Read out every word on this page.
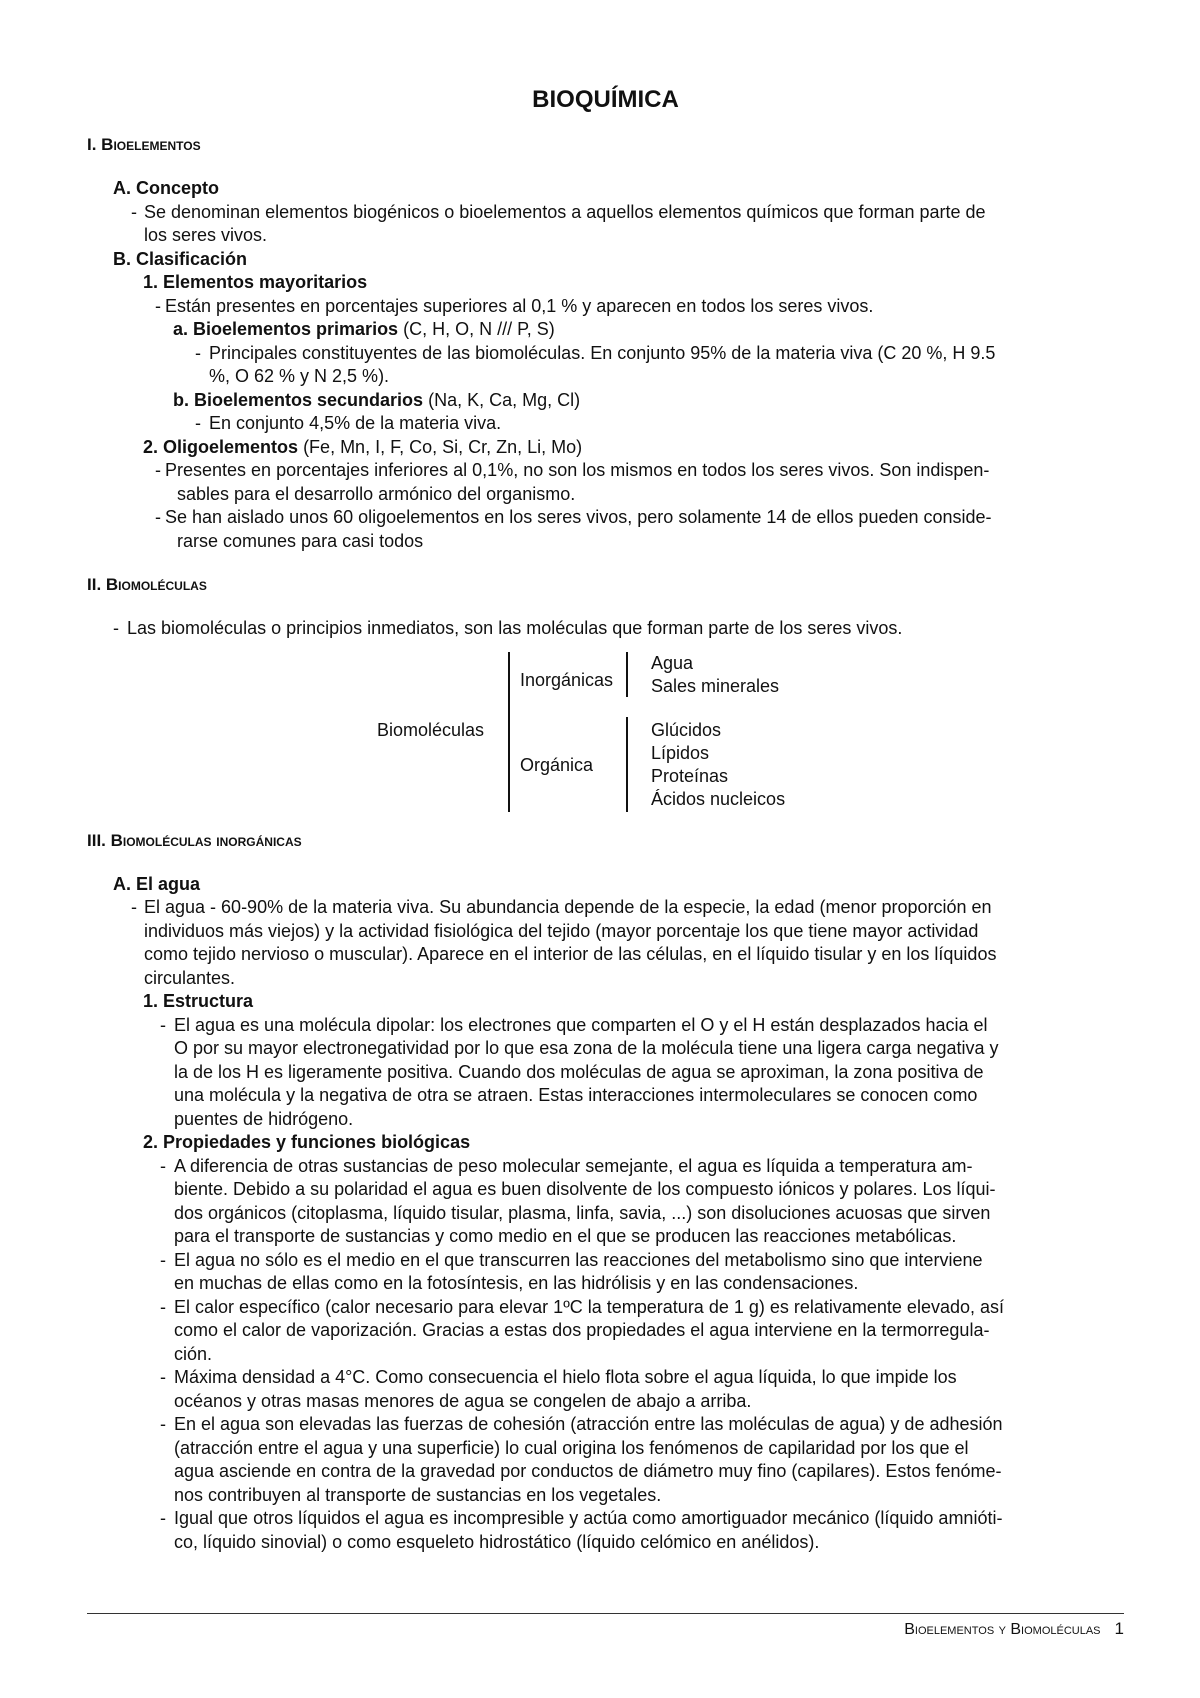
BIOQUÍMICA
I. Bioelementos
A. Concepto
- Se denominan elementos biogénicos o bioelementos a aquellos elementos químicos que forman parte de
los seres vivos.
B. Clasificación
1. Elementos mayoritarios
- Están presentes en porcentajes superiores al 0,1 % y aparecen en todos los seres vivos.
a. Bioelementos primarios (C, H, O, N /// P, S)
- Principales constituyentes de las biomoléculas. En conjunto 95% de la materia viva (C 20 %, H 9.5
%, O 62 % y N 2,5 %).
b. Bioelementos secundarios (Na, K, Ca, Mg, Cl)
- En conjunto 4,5% de la materia viva.
2. Oligoelementos (Fe, Mn, I, F, Co, Si, Cr, Zn, Li, Mo)
- Presentes en porcentajes inferiores al 0,1%, no son los mismos en todos los seres vivos. Son indispen-
sables para el desarrollo armónico del organismo.
- Se han aislado unos 60 oligoelementos en los seres vivos, pero solamente 14 de ellos pueden conside-
rarse comunes para casi todos
II. Biomoléculas
- Las biomoléculas o principios inmediatos, son las moléculas que forman parte de los seres vivos.
Biomoléculas
Inorgánicas
Agua
Sales minerales
Orgánica
Glúcidos
Lípidos
Proteínas
Ácidos nucleicos
III. Biomoléculas inorgánicas
A. El agua
- El agua - 60-90% de la materia viva. Su abundancia depende de la especie, la edad (menor proporción en
individuos más viejos) y la actividad fisiológica del tejido (mayor porcentaje los que tiene mayor actividad
como tejido nervioso o muscular). Aparece en el interior de las células, en el líquido tisular y en los líquidos
circulantes.
1. Estructura
- El agua es una molécula dipolar: los electrones que comparten el O y el H están desplazados hacia el
O por su mayor electronegatividad por lo que esa zona de la molécula tiene una ligera carga negativa y
la de los H es ligeramente positiva. Cuando dos moléculas de agua se aproximan, la zona positiva de
una molécula y la negativa de otra se atraen. Estas interacciones intermoleculares se conocen como
puentes de hidrógeno.
2. Propiedades y funciones biológicas
- A diferencia de otras sustancias de peso molecular semejante, el agua es líquida a temperatura am-
biente. Debido a su polaridad el agua es buen disolvente de los compuesto iónicos y polares. Los líqui-
dos orgánicos (citoplasma, líquido tisular, plasma, linfa, savia, ...) son disoluciones acuosas que sirven
para el transporte de sustancias y como medio en el que se producen las reacciones metabólicas.
- El agua no sólo es el medio en el que transcurren las reacciones del metabolismo sino que interviene
en muchas de ellas como en la fotosíntesis, en las hidrólisis y en las condensaciones.
- El calor específico (calor necesario para elevar 1ºC la temperatura de 1 g) es relativamente elevado, así
como el calor de vaporización. Gracias a estas dos propiedades el agua interviene en la termorregula-
ción.
- Máxima densidad a 4°C. Como consecuencia el hielo flota sobre el agua líquida, lo que impide los
océanos y otras masas menores de agua se congelen de abajo a arriba.
- En el agua son elevadas las fuerzas de cohesión (atracción entre las moléculas de agua) y de adhesión
(atracción entre el agua y una superficie) lo cual origina los fenómenos de capilaridad por los que el
agua asciende en contra de la gravedad por conductos de diámetro muy fino (capilares). Estos fenóme-
nos contribuyen al transporte de sustancias en los vegetales.
- Igual que otros líquidos el agua es incompresible y actúa como amortiguador mecánico (líquido amnióti-
co, líquido sinovial) o como esqueleto hidrostático (líquido celómico en anélidos).
Bioelementos y Biomoléculas 1
